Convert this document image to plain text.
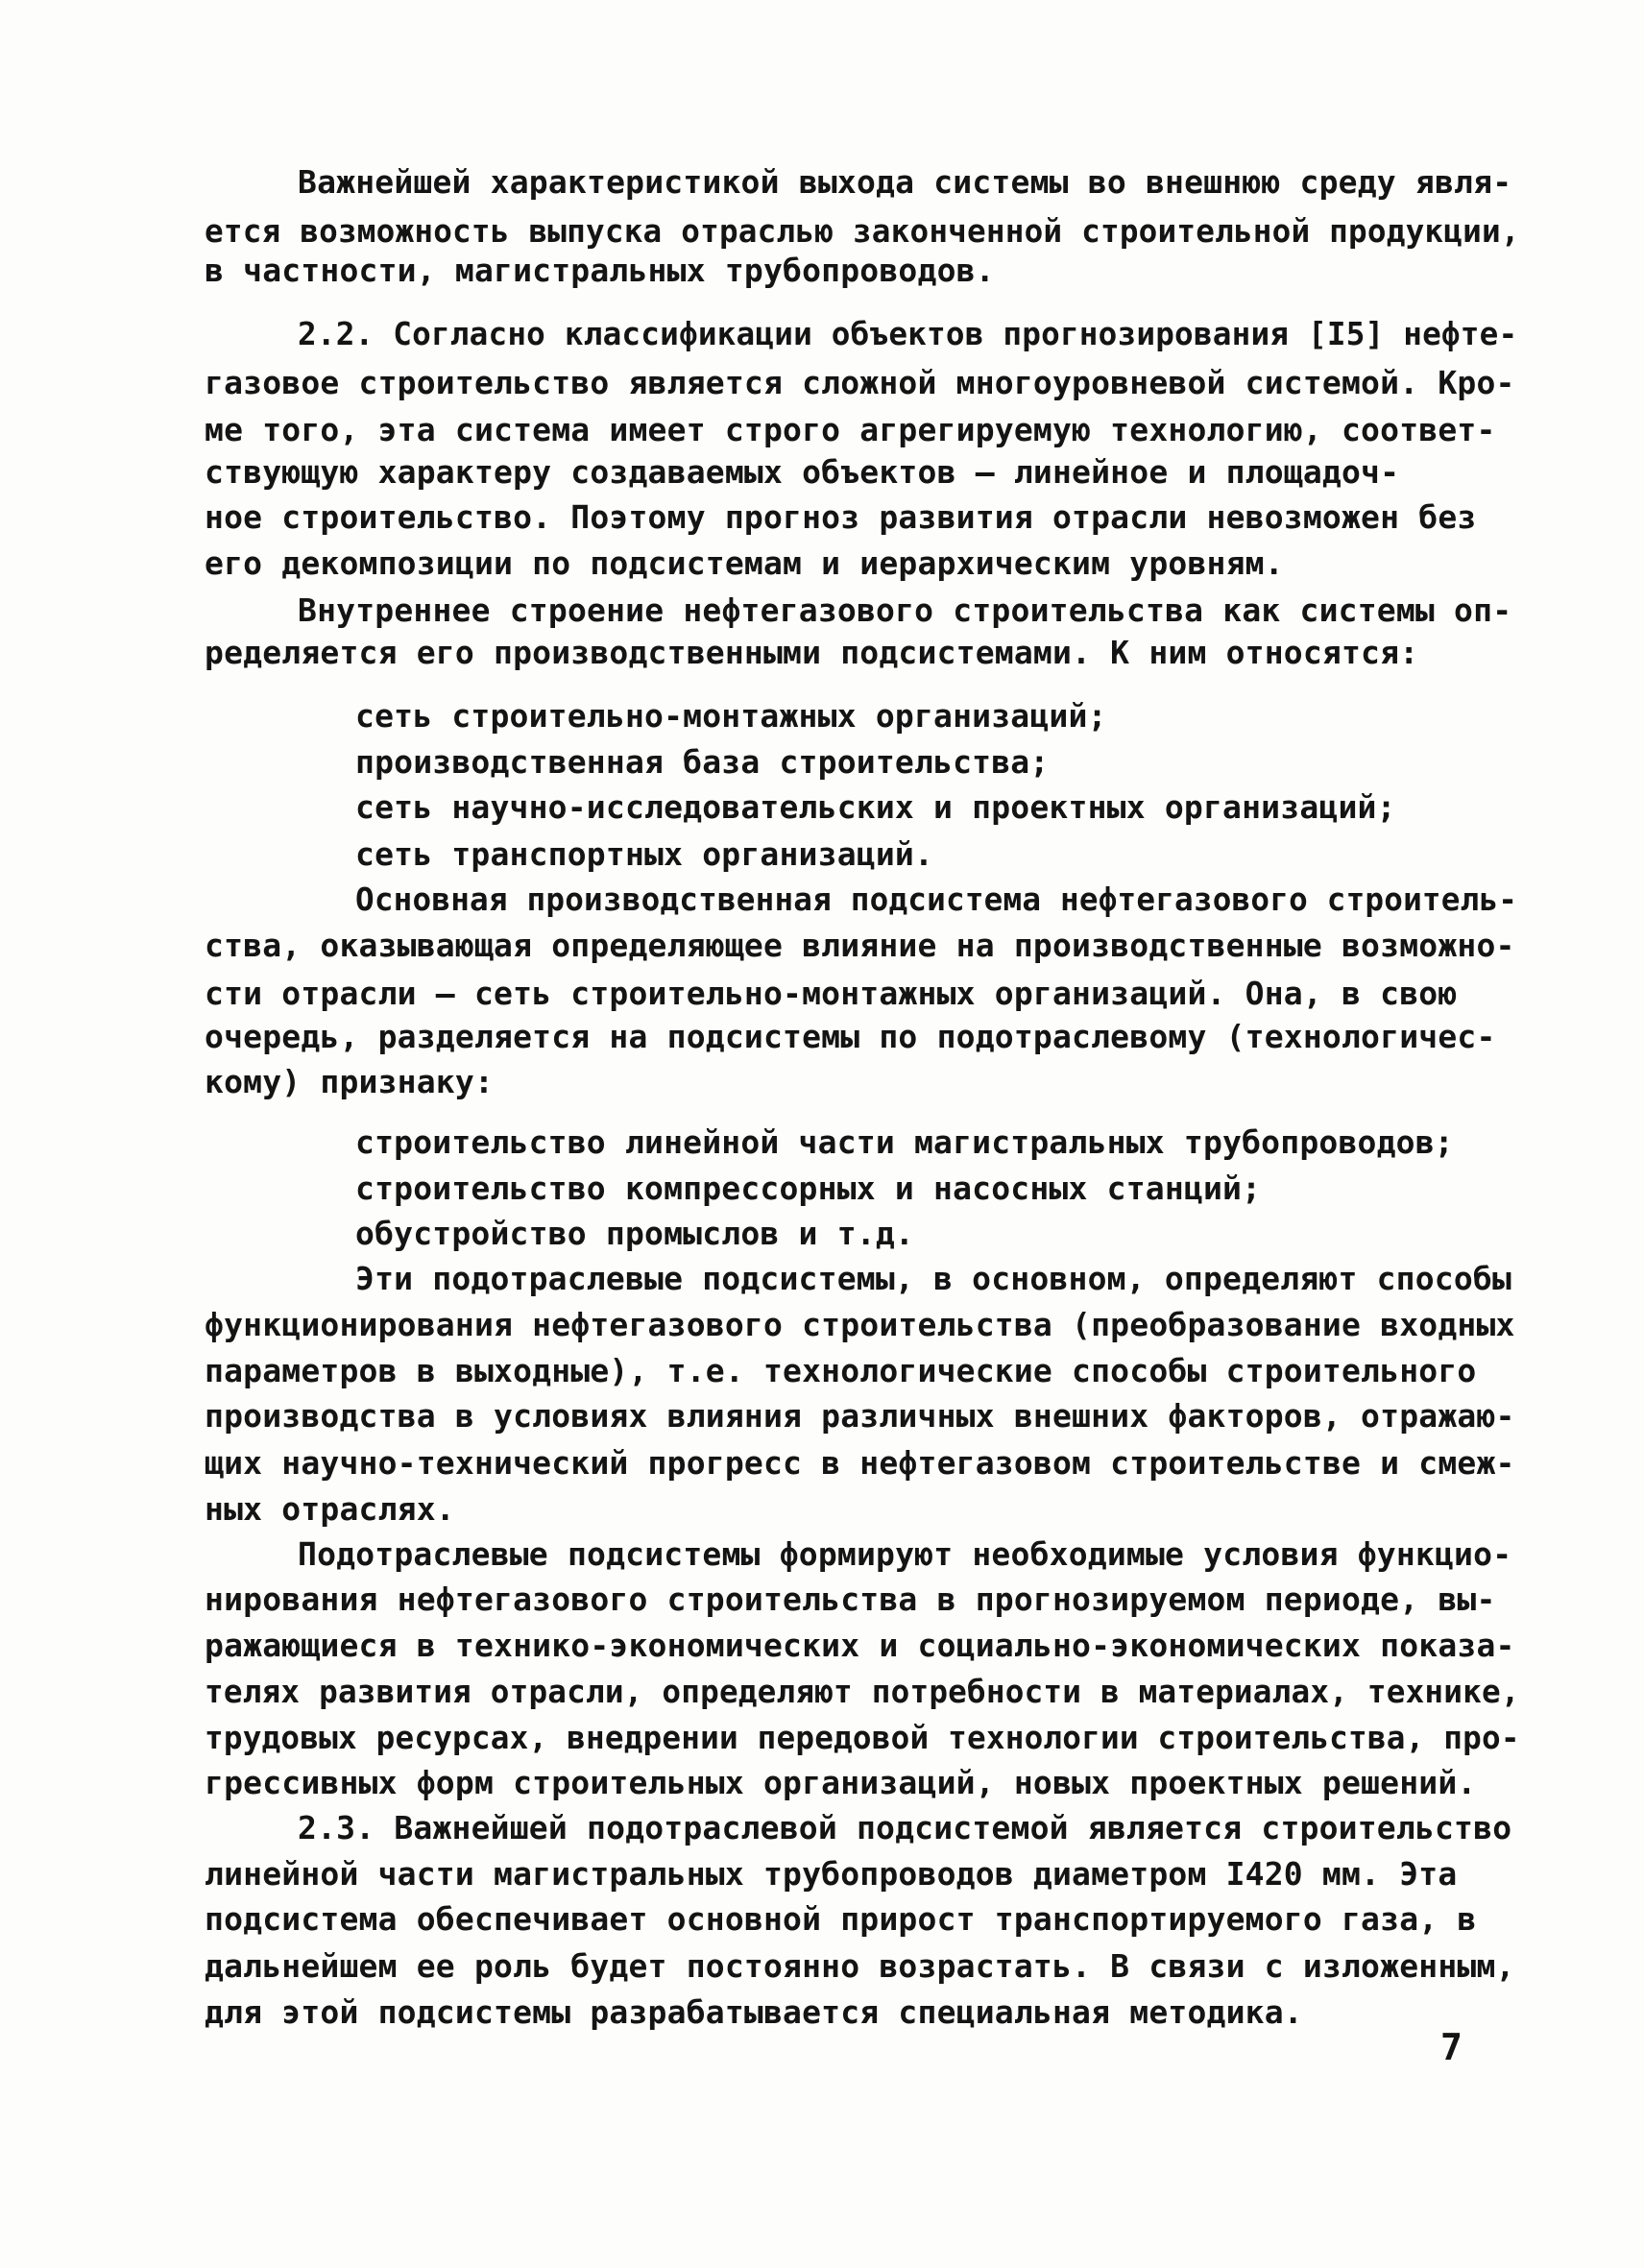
Важнейшей характеристикой выхода системы во внешнюю среду явля-
ется возможность выпуска отраслью законченной строительной продукции,
в частности, магистральных трубопроводов.
2.2. Согласно классификации объектов прогнозирования [I5] нефте-
газовое строительство является сложной многоуровневой системой. Кро-
ме того, эта система имеет строго агрегируемую технологию, соответ-
ствующую характеру создаваемых объектов – линейное и площадоч-
ное строительство. Поэтому прогноз развития отрасли невозможен без
его декомпозиции по подсистемам и иерархическим уровням.
Внутреннее строение нефтегазового строительства как системы оп-
ределяется его производственными подсистемами. К ним относятся:
сеть строительно-монтажных организаций;
производственная база строительства;
сеть научно-исследовательских и проектных организаций;
сеть транспортных организаций.
Основная производственная подсистема нефтегазового строитель-
ства, оказывающая определяющее влияние на производственные возможно-
сти отрасли – сеть строительно-монтажных организаций. Она, в свою
очередь, разделяется на подсистемы по подотраслевому (технологичес-
кому) признаку:
строительство линейной части магистральных трубопроводов;
строительство компрессорных и насосных станций;
обустройство промыслов и т.д.
Эти подотраслевые подсистемы, в основном, определяют способы
функционирования нефтегазового строительства (преобразование входных
параметров в выходные), т.е. технологические способы строительного
производства в условиях влияния различных внешних факторов, отражаю-
щих научно-технический прогресс в нефтегазовом строительстве и смеж-
ных отраслях.
Подотраслевые подсистемы формируют необходимые условия функцио-
нирования нефтегазового строительства в прогнозируемом периоде, вы-
ражающиеся в технико-экономических и социально-экономических показа-
телях развития отрасли, определяют потребности в материалах, технике,
трудовых ресурсах, внедрении передовой технологии строительства, про-
грессивных форм строительных организаций, новых проектных решений.
2.3. Важнейшей подотраслевой подсистемой является строительство
линейной части магистральных трубопроводов диаметром I420 мм. Эта
подсистема обеспечивает основной прирост транспортируемого газа, в
дальнейшем ее роль будет постоянно возрастать. В связи с изложенным,
для этой подсистемы разрабатывается специальная методика.
7
